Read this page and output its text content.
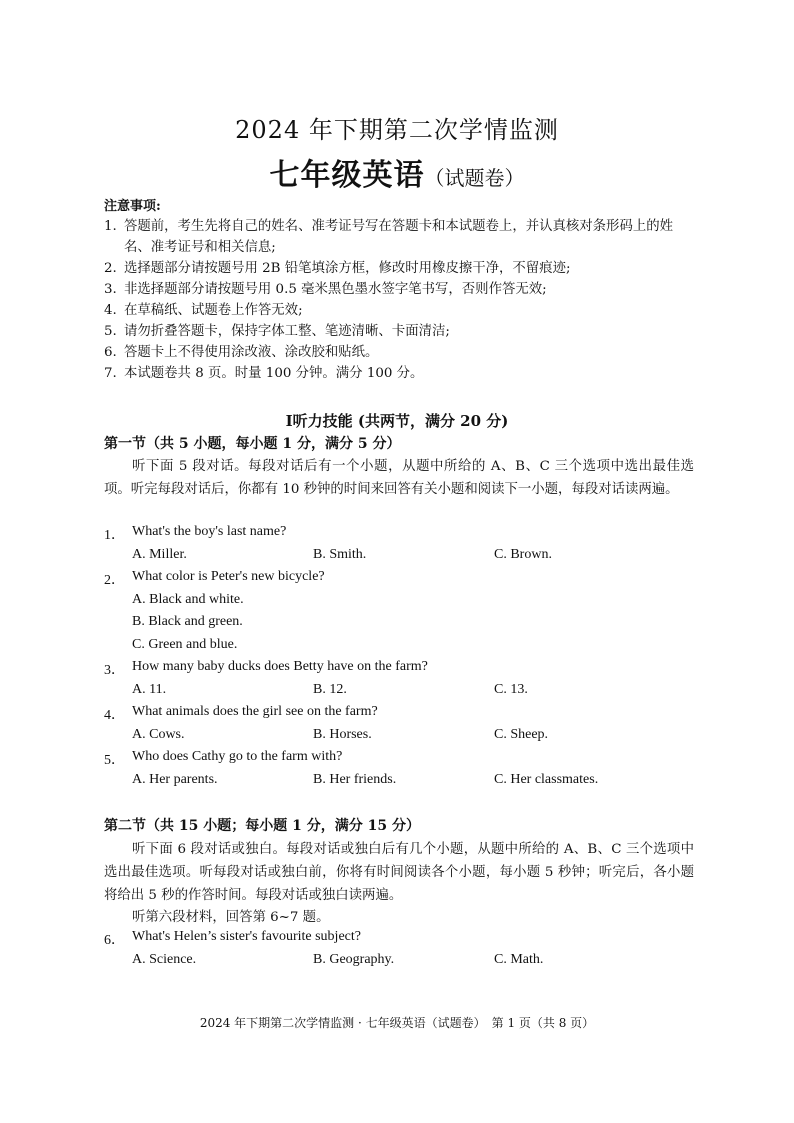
2024 年下期第二次学情监测
七年级英语（试题卷）
注意事项:
1. 答题前，考生先将自己的姓名、准考证号写在答题卡和本试题卷上，并认真核对条形码上的姓名、准考证号和相关信息;
2. 选择题部分请按题号用 2B 铅笔填涂方框，修改时用橡皮擦干净，不留痕迹;
3. 非选择题部分请按题号用 0.5 毫米黑色墨水签字笔书写，否则作答无效;
4. 在草稿纸、试题卷上作答无效;
5. 请勿折叠答题卡，保持字体工整、笔迹清晰、卡面清洁;
6. 答题卡上不得使用涂改液、涂改胶和贴纸。
7. 本试题卷共 8 页。时量 100 分钟。满分 100 分。
Ⅰ听力技能 (共两节，满分 20 分)
第一节（共 5 小题，每小题 1 分，满分 5 分）
听下面 5 段对话。每段对话后有一个小题，从题中所给的 A、B、C 三个选项中选出最佳选项。听完每段对话后，你都有 10 秒钟的时间来回答有关小题和阅读下一小题，每段对话读两遍。
1． What's the boy's last name?
A. Miller.	B. Smith.	C. Brown.
2． What color is Peter's new bicycle?
A. Black and white.
B. Black and green.
C. Green and blue.
3． How many baby ducks does Betty have on the farm?
A. 11.	B. 12.	C. 13.
4． What animals does the girl see on the farm?
A. Cows.	B. Horses.	C. Sheep.
5． Who does Cathy go to the farm with?
A. Her parents.	B. Her friends.	C. Her classmates.
第二节（共 15 小题；每小题 1 分，满分 15 分）
听下面 6 段对话或独白。每段对话或独白后有几个小题，从题中所给的 A、B、C 三个选项中选出最佳选项。听每段对话或独白前，你将有时间阅读各个小题，每小题 5 秒钟；听完后，各小题将给出 5 秒的作答时间。每段对话或独白读两遍。
听第六段材料，回答第 6~7 题。
6． What's Helen’s sister's favourite subject?
A. Science.	B. Geography.	C. Math.
2024 年下期第二次学情监测 · 七年级英语（试题卷）　第 1 页（共 8 页）
